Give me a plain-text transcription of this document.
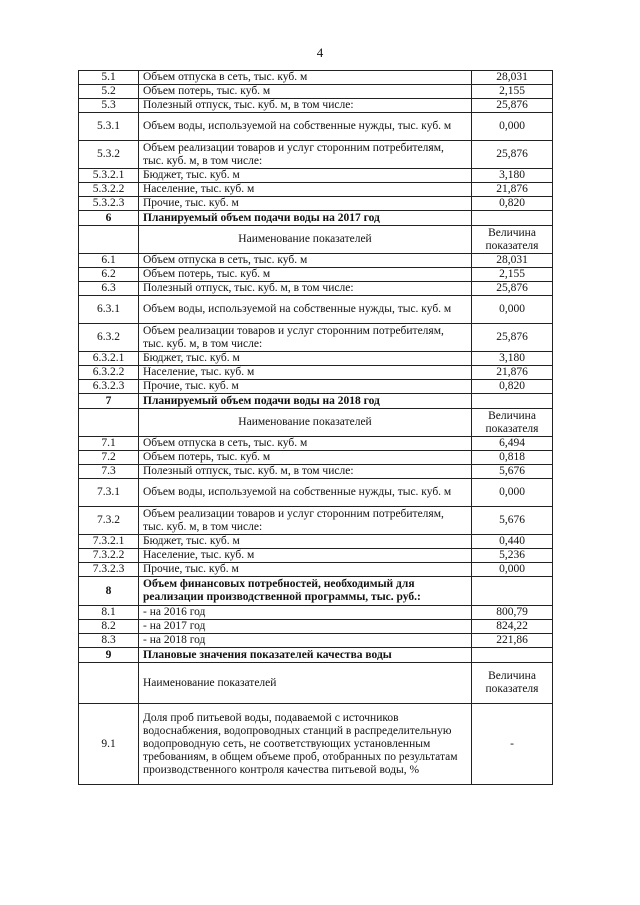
4
5.1	Объем отпуска в сеть, тыс. куб. м	28,031
5.2	Объем потерь, тыс. куб. м	2,155
5.3	Полезный отпуск, тыс. куб. м, в том числе:	25,876
5.3.1	Объем воды, используемой на собственные нужды, тыс. куб. м	0,000
5.3.2	Объем реализации товаров и услуг сторонним потребителям, тыс. куб. м, в том числе:	25,876
5.3.2.1	Бюджет, тыс. куб. м	3,180
5.3.2.2	Население, тыс. куб. м	21,876
5.3.2.3	Прочие, тыс. куб. м	0,820
6	Планируемый объем подачи воды на 2017 год	
	Наименование показателей	Величина показателя
6.1	Объем отпуска в сеть, тыс. куб. м	28,031
6.2	Объем потерь, тыс. куб. м	2,155
6.3	Полезный отпуск, тыс. куб. м, в том числе:	25,876
6.3.1	Объем воды, используемой на собственные нужды, тыс. куб. м	0,000
6.3.2	Объем реализации товаров и услуг сторонним потребителям, тыс. куб. м, в том числе:	25,876
6.3.2.1	Бюджет, тыс. куб. м	3,180
6.3.2.2	Население, тыс. куб. м	21,876
6.3.2.3	Прочие, тыс. куб. м	0,820
7	Планируемый объем подачи воды на 2018 год	
	Наименование показателей	Величина показателя
7.1	Объем отпуска в сеть, тыс. куб. м	6,494
7.2	Объем потерь, тыс. куб. м	0,818
7.3	Полезный отпуск, тыс. куб. м, в том числе:	5,676
7.3.1	Объем воды, используемой на собственные нужды, тыс. куб. м	0,000
7.3.2	Объем реализации товаров и услуг сторонним потребителям, тыс. куб. м, в том числе:	5,676
7.3.2.1	Бюджет, тыс. куб. м	0,440
7.3.2.2	Население, тыс. куб. м	5,236
7.3.2.3	Прочие, тыс. куб. м	0,000
8	Объем финансовых потребностей, необходимый для реализации производственной программы, тыс. руб.:	
8.1	- на 2016 год	800,79
8.2	- на 2017 год	824,22
8.3	- на 2018 год	221,86
9	Плановые значения показателей качества воды	
	Наименование показателей	Величина показателя
9.1	Доля проб питьевой воды, подаваемой с источников водоснабжения, водопроводных станций в распределительную водопроводную сеть, не соответствующих установленным требованиям, в общем объеме проб, отобранных по результатам производственного контроля качества питьевой воды, %	-
